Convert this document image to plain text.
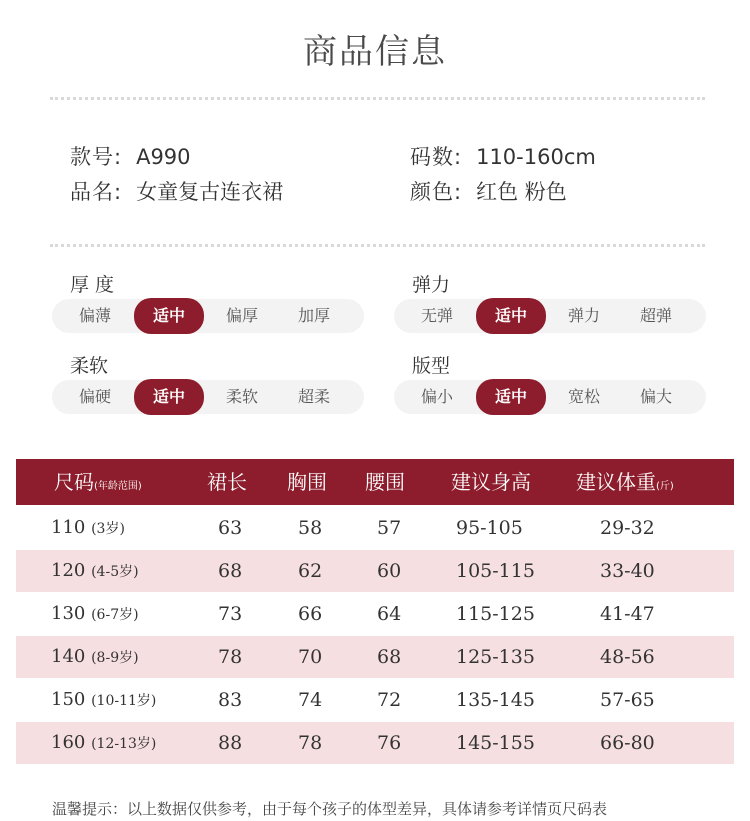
商品信息
款号: A990
品名: 女童复古连衣裙
码数: 110-160cm
颜色: 红色 粉色
厚 度
偏薄	适中	偏厚	加厚
弹力
无弹	适中	弹力	超弹
柔软
偏硬	适中	柔软	超柔
版型
偏小	适中	宽松	偏大
尺码(年龄范围)	裙长 胸围 腰围 建议身高 建议体重(斤)
110 (3岁)	63	58	57	95-105	29-32
120 (4-5岁)	68	62	60	105-115	33-40
130 (6-7岁)	73	66	64	115-125	41-47
140 (8-9岁)	78	70	68	125-135	48-56
150 (10-11岁)	83	74	72	135-145	57-65
160 (12-13岁)	88	78	76	145-155	66-80
温馨提示：以上数据仅供参考，由于每个孩子的体型差异，具体请参考详情页尺码表
